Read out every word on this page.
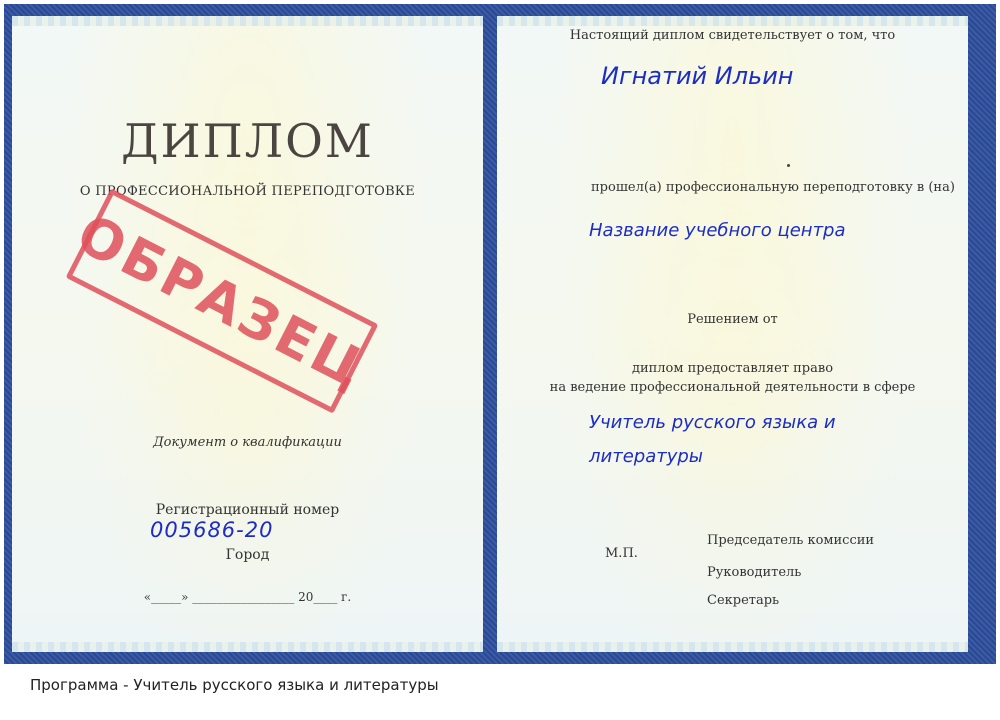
ДИПЛОМ
О ПРОФЕССИОНАЛЬНОЙ ПЕРЕПОДГОТОВКЕ
ОБРАЗЕЦ
Документ о квалификации
Регистрационный номер
005686-20
Город
«_____» _________________ 20____ г.
Настоящий диплом свидетельствует о том, что
Игнатий Ильин
прошел(а) профессиональную переподготовку в (на)
Название учебного центра
Решением от
диплом предоставляет право
на ведение профессиональной деятельности в сфере
Учитель русского языка и
литературы
Председатель комиссии
М.П.
Руководитель
Секретарь
Программа - Учитель русского языка и литературы
